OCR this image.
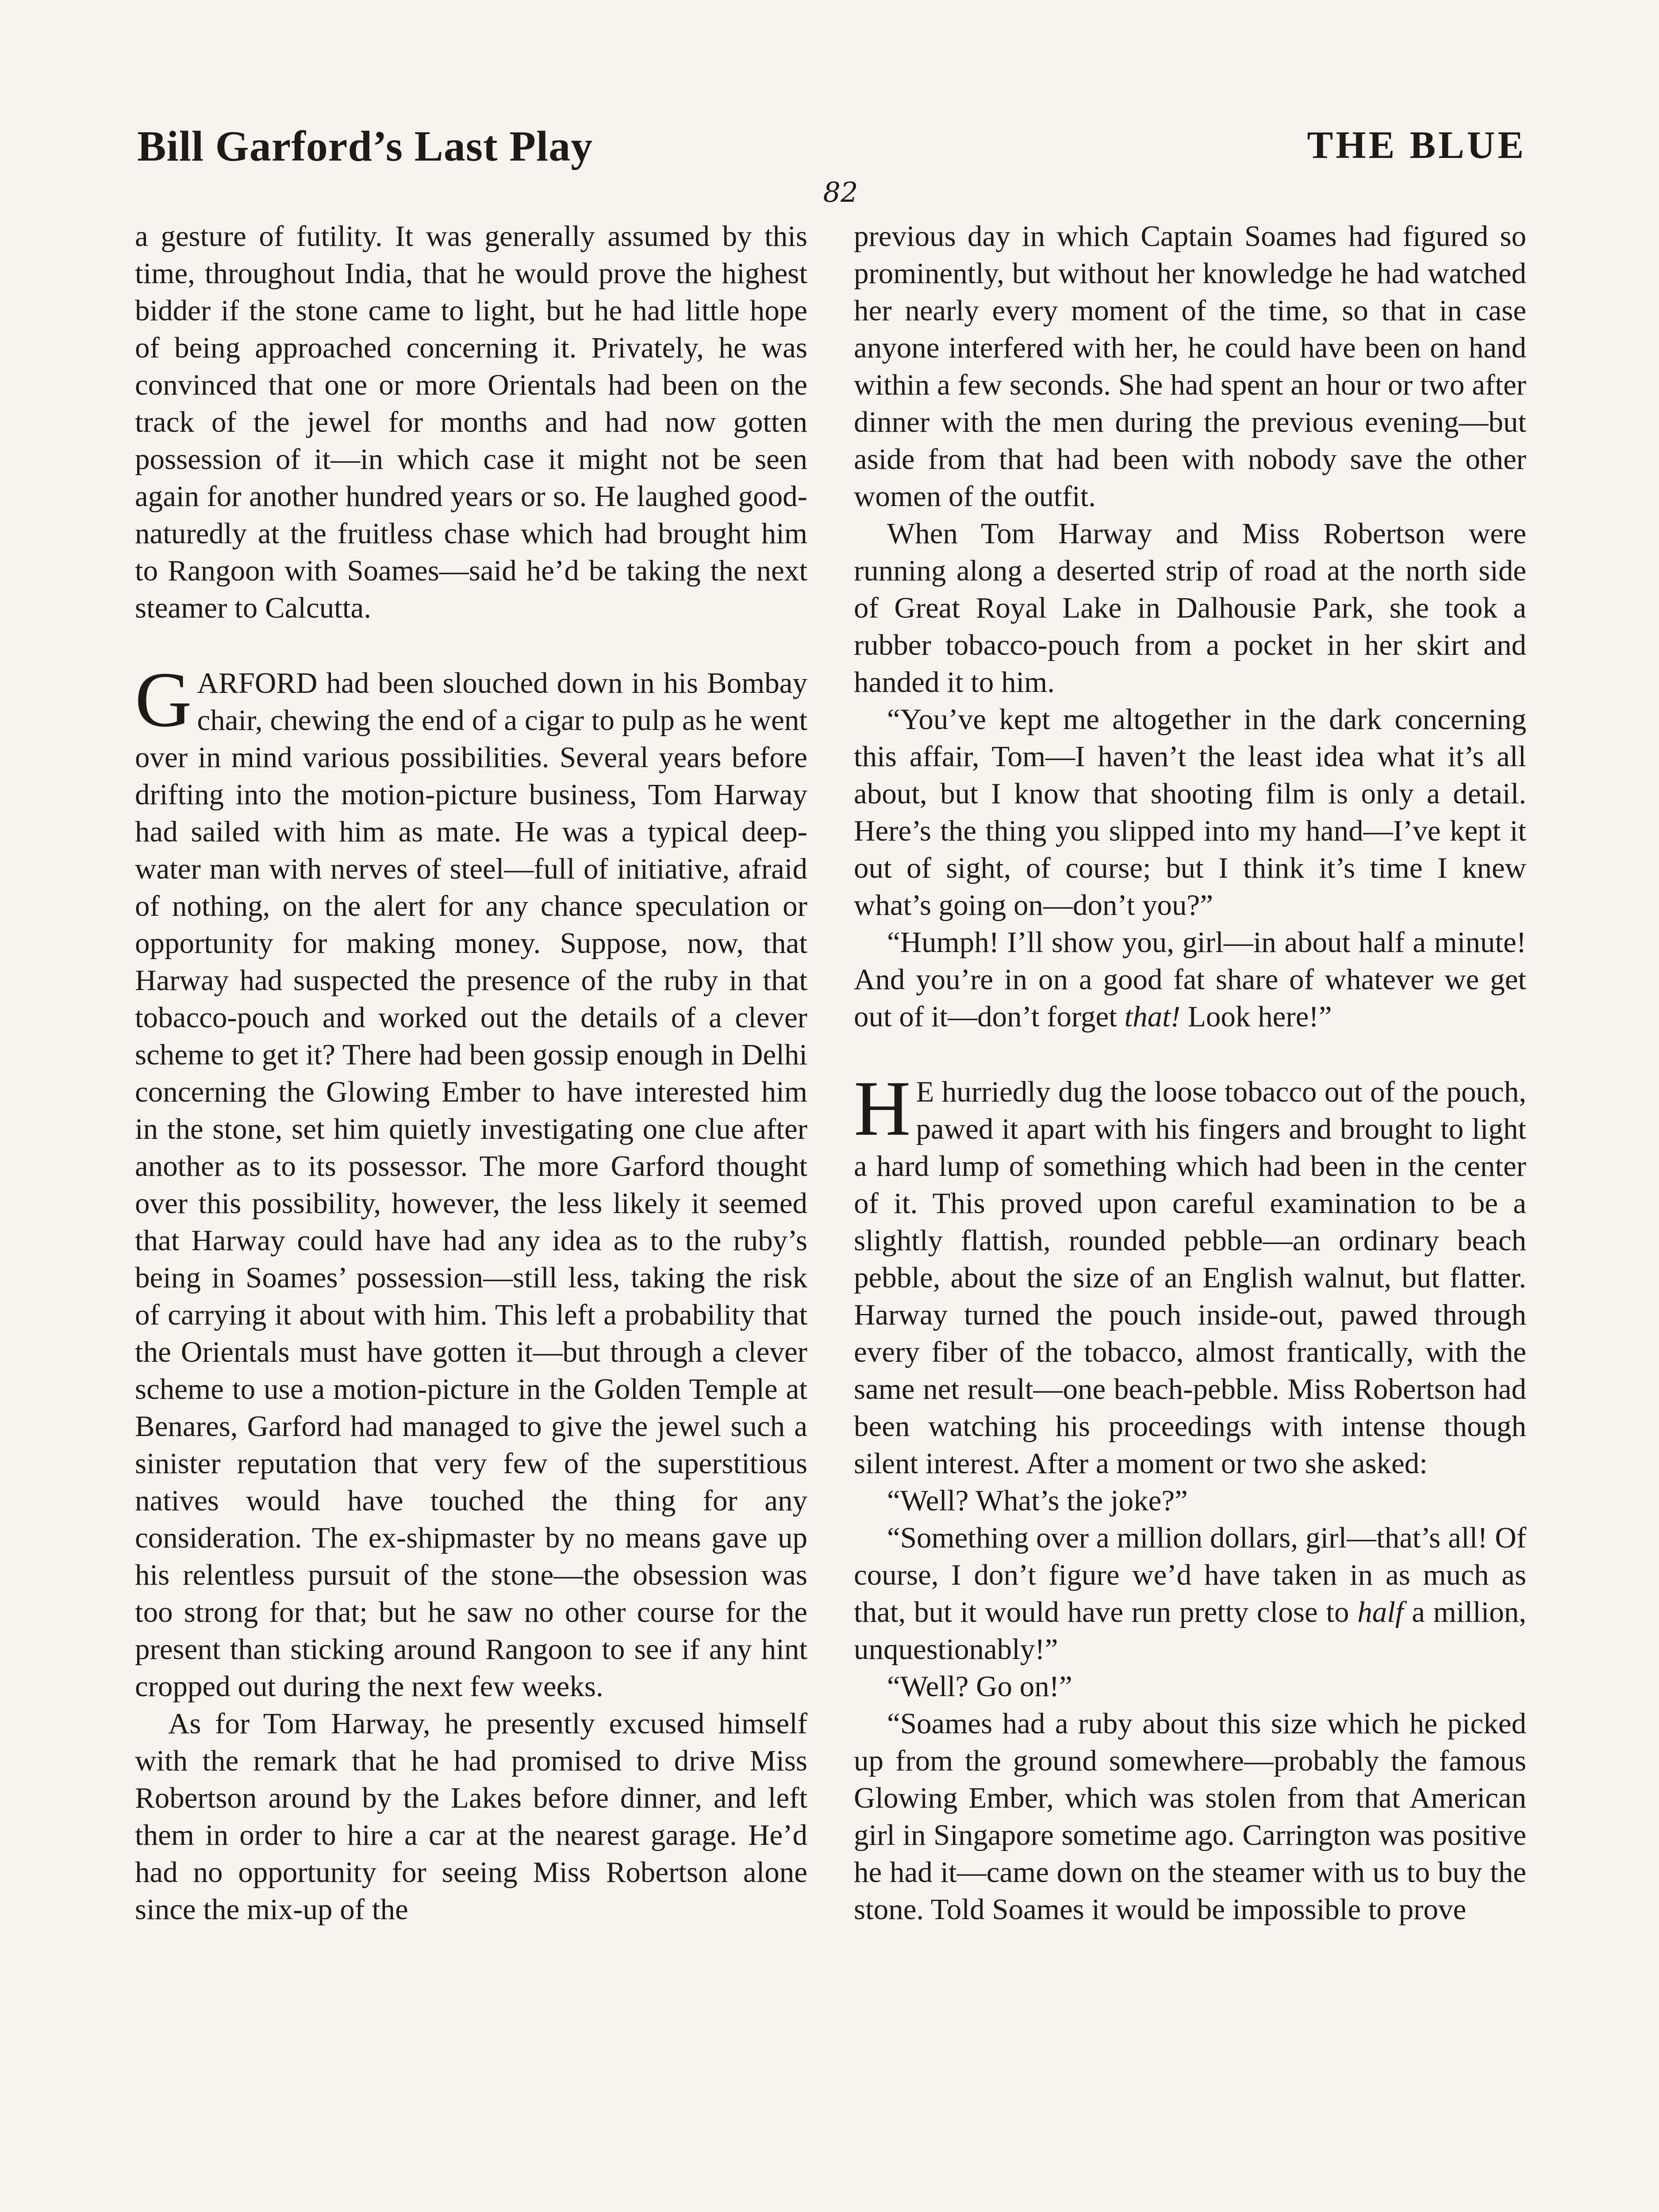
Bill Garford’s Last Play	THE BLUE
82

a gesture of futility. It was generally assumed by this time, throughout India, that he would prove the highest bidder if the stone came to light, but he had little hope of being approached concerning it. Privately, he was convinced that one or more Orientals had been on the track of the jewel for months and had now gotten possession of it—in which case it might not be seen again for another hundred years or so. He laughed good-naturedly at the fruitless chase which had brought him to Rangoon with Soames—said he’d be taking the next steamer to Calcutta.

GARFORD had been slouched down in his Bombay chair, chewing the end of a cigar to pulp as he went over in mind various possibilities. Several years before drifting into the motion-picture business, Tom Harway had sailed with him as mate. He was a typical deep-water man with nerves of steel—full of initiative, afraid of nothing, on the alert for any chance speculation or opportunity for making money. Suppose, now, that Harway had suspected the presence of the ruby in that tobacco-pouch and worked out the details of a clever scheme to get it? There had been gossip enough in Delhi concerning the Glowing Ember to have interested him in the stone, set him quietly investigating one clue after another as to its possessor. The more Garford thought over this possibility, however, the less likely it seemed that Harway could have had any idea as to the ruby’s being in Soames’ possession—still less, taking the risk of carrying it about with him. This left a probability that the Orientals must have gotten it—but through a clever scheme to use a motion-picture in the Golden Temple at Benares, Garford had managed to give the jewel such a sinister reputation that very few of the superstitious natives would have touched the thing for any consideration. The ex-shipmaster by no means gave up his relentless pursuit of the stone—the obsession was too strong for that; but he saw no other course for the present than sticking around Rangoon to see if any hint cropped out during the next few weeks.

As for Tom Harway, he presently excused himself with the remark that he had promised to drive Miss Robertson around by the Lakes before dinner, and left them in order to hire a car at the nearest garage. He’d had no opportunity for seeing Miss Robertson alone since the mix-up of the

previous day in which Captain Soames had figured so prominently, but without her knowledge he had watched her nearly every moment of the time, so that in case anyone interfered with her, he could have been on hand within a few seconds. She had spent an hour or two after dinner with the men during the previous evening—but aside from that had been with nobody save the other women of the outfit.

When Tom Harway and Miss Robertson were running along a deserted strip of road at the north side of Great Royal Lake in Dalhousie Park, she took a rubber tobacco-pouch from a pocket in her skirt and handed it to him.

“You’ve kept me altogether in the dark concerning this affair, Tom—I haven’t the least idea what it’s all about, but I know that shooting film is only a detail. Here’s the thing you slipped into my hand—I’ve kept it out of sight, of course; but I think it’s time I knew what’s going on—don’t you?”

“Humph! I’ll show you, girl—in about half a minute! And you’re in on a good fat share of whatever we get out of it—don’t forget that! Look here!”

H E hurriedly dug the loose tobacco out of the pouch, pawed it apart with his fingers and brought to light a hard lump of something which had been in the center of it. This proved upon careful examination to be a slightly flattish, rounded pebble—an ordinary beach pebble, about the size of an English walnut, but flatter. Harway turned the pouch inside-out, pawed through every fiber of the tobacco, almost frantically, with the same net result—one beach-pebble. Miss Robertson had been watching his proceedings with intense though silent interest. After a moment or two she asked:

“Well? What’s the joke?”

“Something over a million dollars, girl—that’s all! Of course, I don’t figure we’d have taken in as much as that, but it would have run pretty close to half a million, unquestionably!”

“Well? Go on!”

“Soames had a ruby about this size which he picked up from the ground somewhere—probably the famous Glowing Ember, which was stolen from that American girl in Singapore sometime ago. Carrington was positive he had it—came down on the steamer with us to buy the stone. Told Soames it would be impossible to prove
